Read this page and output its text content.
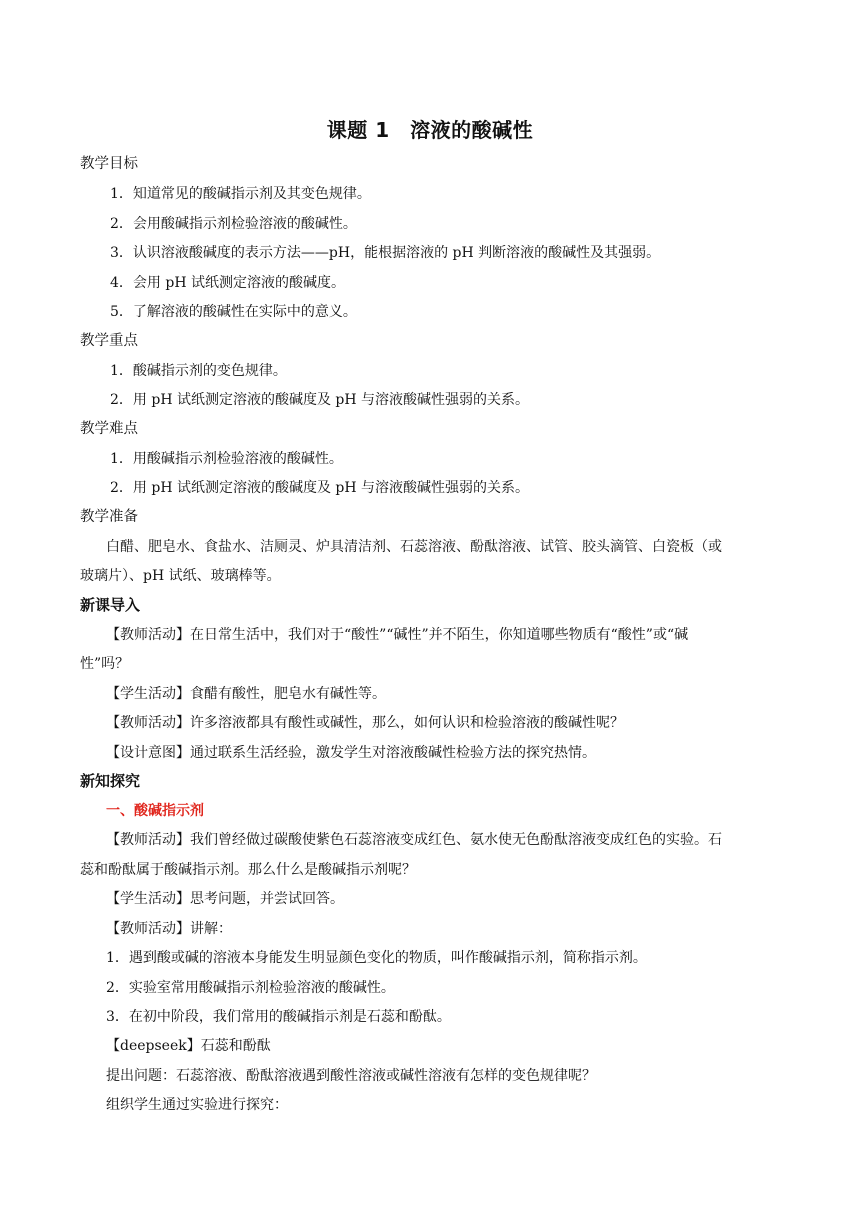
课题 1　溶液的酸碱性
教学目标
1．知道常见的酸碱指示剂及其变色规律。
2．会用酸碱指示剂检验溶液的酸碱性。
3．认识溶液酸碱度的表示方法——pH，能根据溶液的 pH 判断溶液的酸碱性及其强弱。
4．会用 pH 试纸测定溶液的酸碱度。
5．了解溶液的酸碱性在实际中的意义。
教学重点
1．酸碱指示剂的变色规律。
2．用 pH 试纸测定溶液的酸碱度及 pH 与溶液酸碱性强弱的关系。
教学难点
1．用酸碱指示剂检验溶液的酸碱性。
2．用 pH 试纸测定溶液的酸碱度及 pH 与溶液酸碱性强弱的关系。
教学准备
白醋、肥皂水、食盐水、洁厕灵、炉具清洁剂、石蕊溶液、酚酞溶液、试管、胶头滴管、白瓷板（或
玻璃片）、pH 试纸、玻璃棒等。
新课导入
【教师活动】在日常生活中，我们对于“酸性”“碱性”并不陌生，你知道哪些物质有“酸性”或“碱
性”吗？
【学生活动】食醋有酸性，肥皂水有碱性等。
【教师活动】许多溶液都具有酸性或碱性，那么，如何认识和检验溶液的酸碱性呢？
【设计意图】通过联系生活经验，激发学生对溶液酸碱性检验方法的探究热情。
新知探究
一、酸碱指示剂
【教师活动】我们曾经做过碳酸使紫色石蕊溶液变成红色、氨水使无色酚酞溶液变成红色的实验。石
蕊和酚酞属于酸碱指示剂。那么什么是酸碱指示剂呢？
【学生活动】思考问题，并尝试回答。
【教师活动】讲解：
1．遇到酸或碱的溶液本身能发生明显颜色变化的物质，叫作酸碱指示剂，简称指示剂。
2．实验室常用酸碱指示剂检验溶液的酸碱性。
3．在初中阶段，我们常用的酸碱指示剂是石蕊和酚酞。
【deepseek】石蕊和酚酞
提出问题：石蕊溶液、酚酞溶液遇到酸性溶液或碱性溶液有怎样的变色规律呢？
组织学生通过实验进行探究：
